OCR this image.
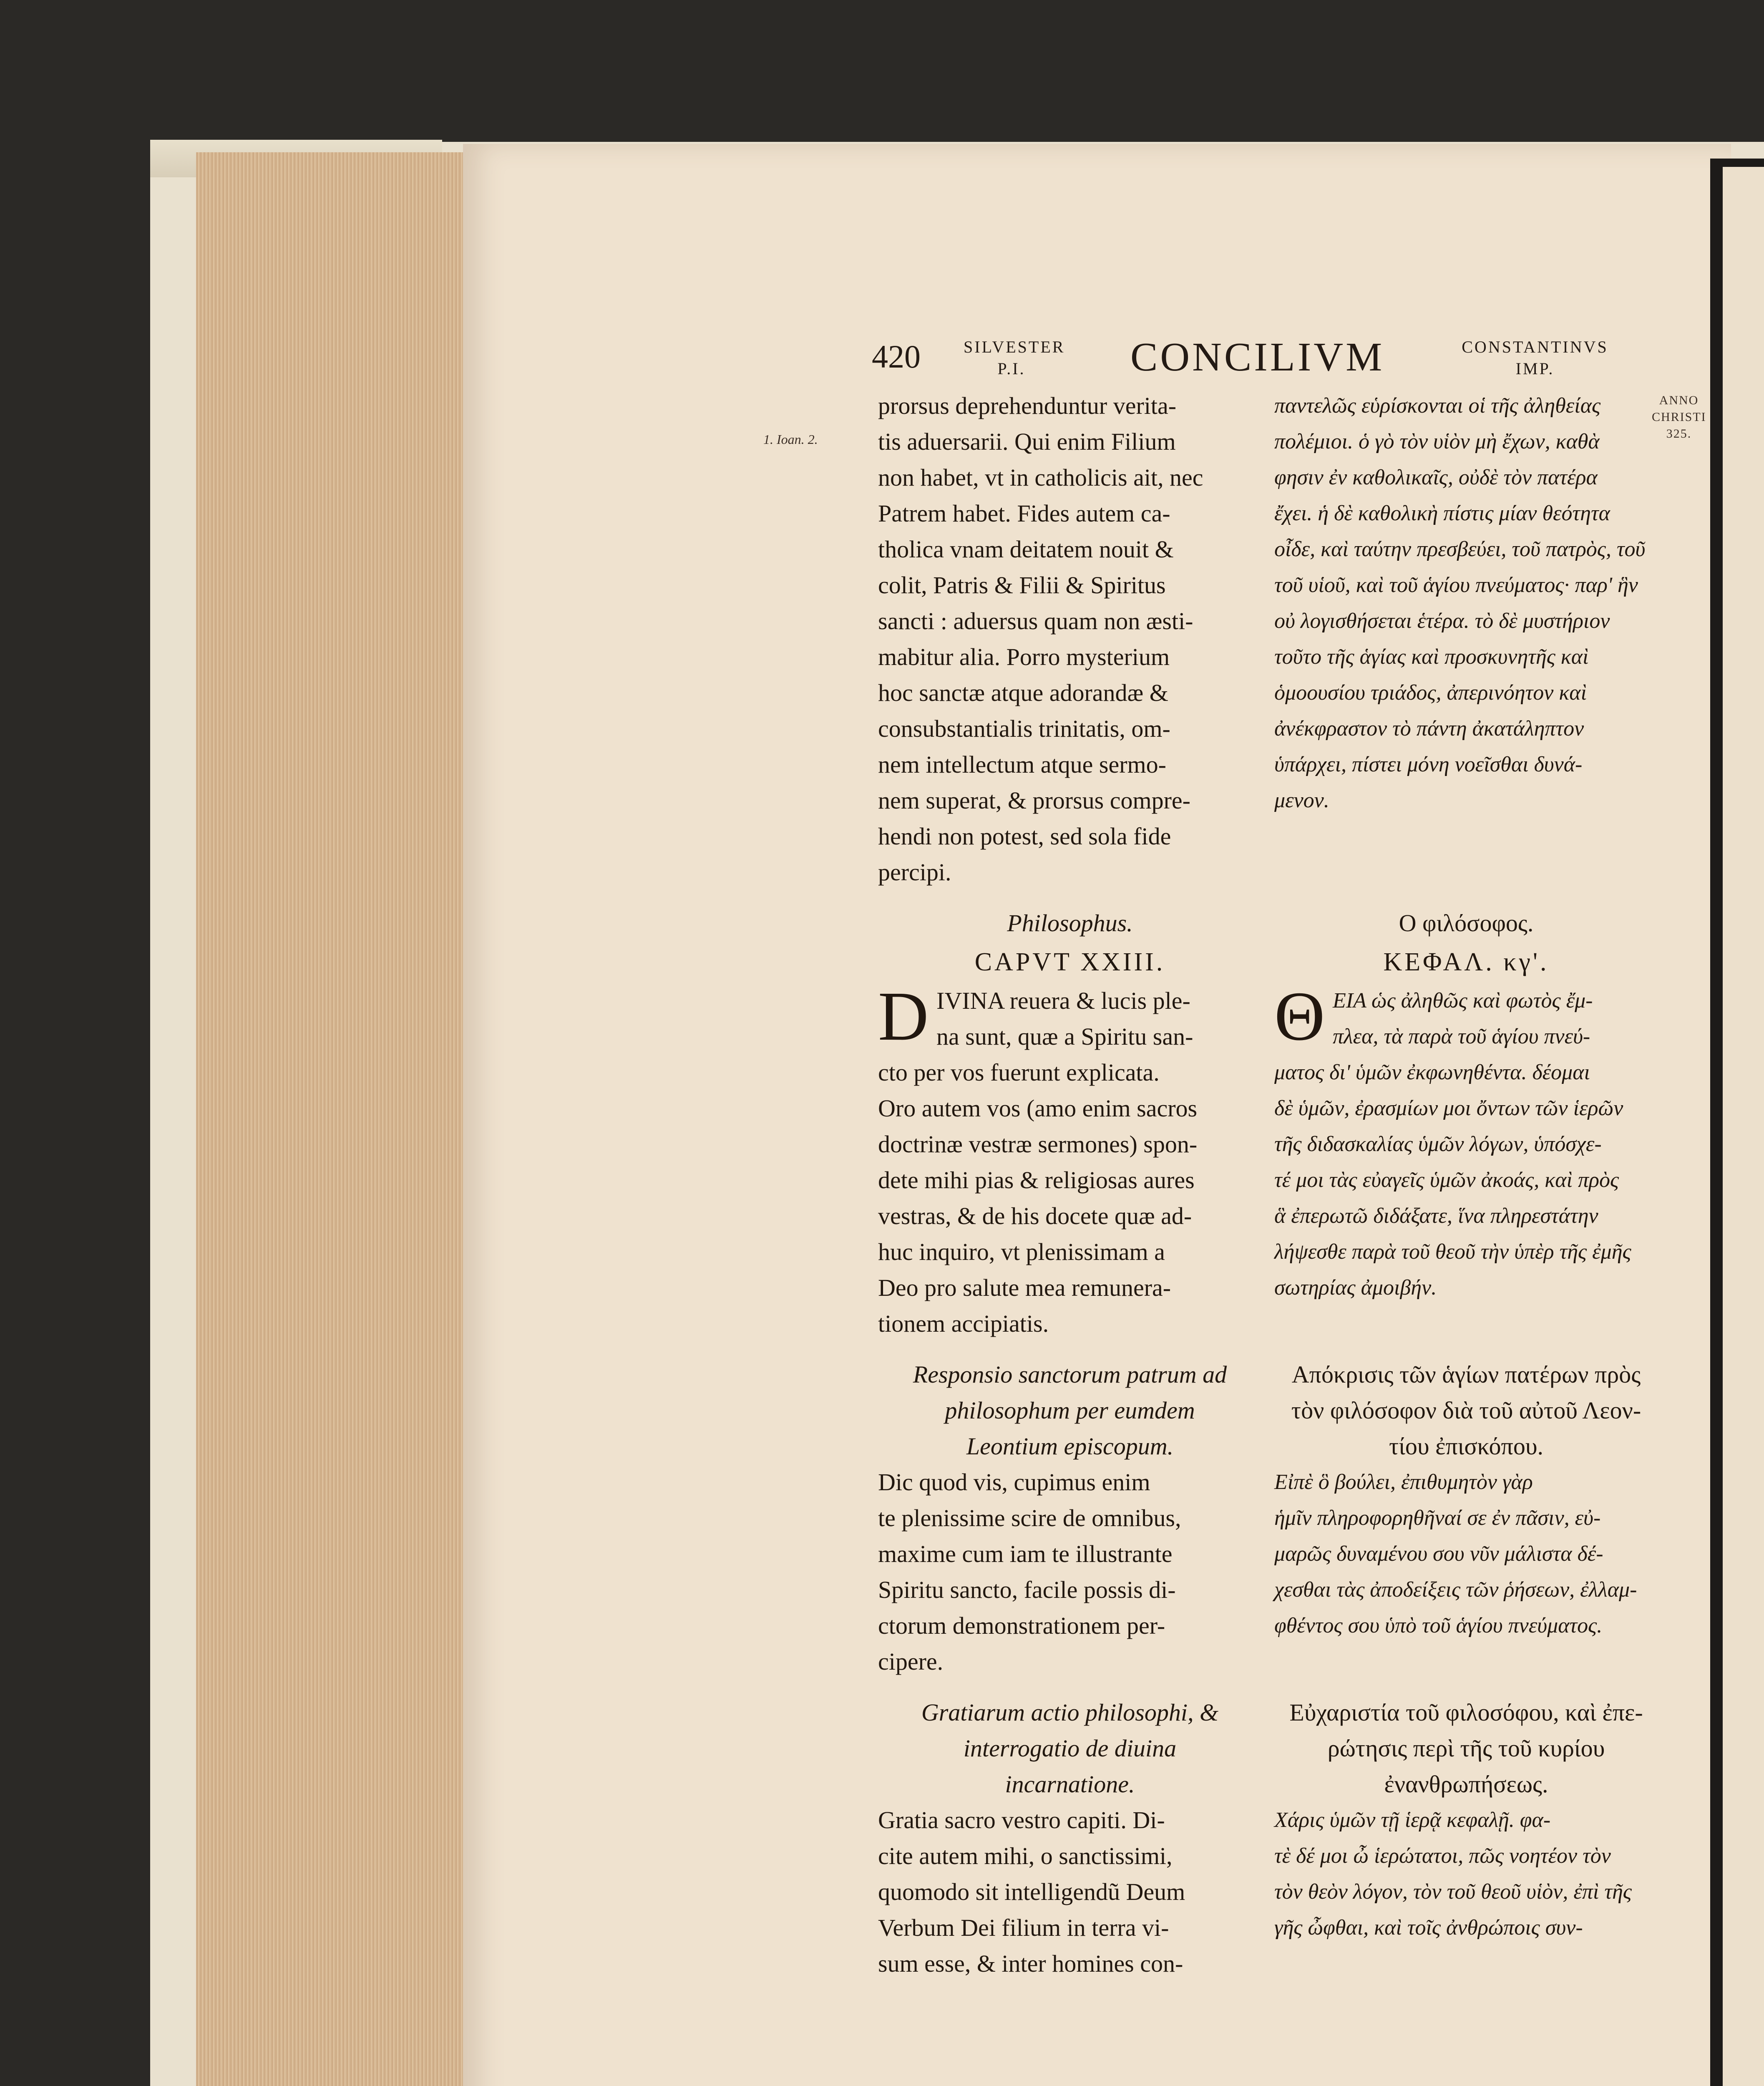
420	SILVESTER
P.I.	CONCILIVM	CONSTANTINVS
IMP.
1. Ioan. 2.
ANNO
CHRISTI
325.
prorsus deprehenduntur verita-
tis aduersarii. Qui enim Filium
non habet, vt in catholicis ait, nec
Patrem habet. Fides autem ca-
tholica vnam deitatem nouit &
colit, Patris & Filii & Spiritus
sancti : aduersus quam non æsti-
mabitur alia. Porro mysterium
hoc sanctæ atque adorandæ &
consubstantialis trinitatis, om-
nem intellectum atque sermo-
nem superat, & prorsus compre-
hendi non potest, sed sola fide
percipi.
Philosophus.
CAPVT XXIII.
D IVINA reuera & lucis ple-
na sunt, quæ a Spiritu san-
cto per vos fuerunt explicata.
Oro autem vos (amo enim sacros
doctrinæ vestræ sermones) spon-
dete mihi pias & religiosas aures
vestras, & de his docete quæ ad-
huc inquiro, vt plenissimam a
Deo pro salute mea remunera-
tionem accipiatis.
Responsio sanctorum patrum ad
philosophum per eumdem
Leontium episcopum.
Dic quod vis, cupimus enim
te plenissime scire de omnibus,
maxime cum iam te illustrante
Spiritu sancto, facile possis di-
ctorum demonstrationem per-
cipere.
Gratiarum actio philosophi, &
interrogatio de diuina
incarnatione.
Gratia sacro vestro capiti. Di-
cite autem mihi, o sanctissimi,
quomodo sit intelligendũ Deum
Verbum Dei filium in terra vi-
sum esse, & inter homines con-
παντελῶς εὑρίσκονται οἱ τῆς ἀληθείας
πολέμιοι. ὁ γὸ τὸν υἱὸν μὴ ἔχων, καθὰ
φησιν ἐν καθολικαῖς, οὐδὲ τὸν πατέρα
ἔχει. ἡ δὲ καθολικὴ πίστις μίαν θεότητα
οἶδε, καὶ ταύτην πρεσβεύει, τοῦ πατρὸς, τοῦ
τοῦ υἱοῦ, καὶ τοῦ ἁγίου πνεύματος· παρ' ἣν
οὐ λογισθήσεται ἑτέρα. τὸ δὲ μυστήριον
τοῦτο τῆς ἁγίας καὶ προσκυνητῆς καὶ
ὁμοουσίου τριάδος, ἀπερινόητον καὶ
ἀνέκφραστον τὸ πάντη ἀκατάληπτον
ὑπάρχει, πίστει μόνη νοεῖσθαι δυνά-
μενον.
Ο φιλόσοφος.
ΚΕΦΑΛ. κγ'.
Θ ΕΙΑ ὡς ἀληθῶς καὶ φωτὸς ἔμ-
πλεα, τὰ παρὰ τοῦ ἁγίου πνεύ-
ματος δι' ὑμῶν ἐκφωνηθέντα. δέομαι
δὲ ὑμῶν, ἐρασμίων μοι ὄντων τῶν ἱερῶν
τῆς διδασκαλίας ὑμῶν λόγων, ὑπόσχε-
τέ μοι τὰς εὐαγεῖς ὑμῶν ἀκοάς, καὶ πρὸς
ἃ ἐπερωτῶ διδάξατε, ἵνα πληρεστάτην
λήψεσθε παρὰ τοῦ θεοῦ τὴν ὑπὲρ τῆς ἐμῆς
σωτηρίας ἀμοιβήν.
Απόκρισις τῶν ἁγίων πατέρων πρὸς
τὸν φιλόσοφον διὰ τοῦ αὐτοῦ Λεον-
τίου ἐπισκόπου.
Εἰπὲ ὃ βούλει, ἐπιθυμητὸν γὰρ
ἡμῖν πληροφορηθῆναί σε ἐν πᾶσιν, εὐ-
μαρῶς δυναμένου σου νῦν μάλιστα δέ-
χεσθαι τὰς ἀποδείξεις τῶν ῥήσεων, ἐλλαμ-
φθέντος σου ὑπὸ τοῦ ἁγίου πνεύματος.
Εὐχαριστία τοῦ φιλοσόφου, καὶ ἐπε-
ρώτησις περὶ τῆς τοῦ κυρίου
ἐνανθρωπήσεως.
Χάρις ὑμῶν τῇ ἱερᾷ κεφαλῇ. φα-
τὲ δέ μοι ὦ ἱερώτατοι, πῶς νοητέον τὸν
τὸν θεὸν λόγον, τὸν τοῦ θεοῦ υἱὸν, ἐπὶ τῆς
γῆς ὦφθαι, καὶ τοῖς ἀνθρώποις συν-
